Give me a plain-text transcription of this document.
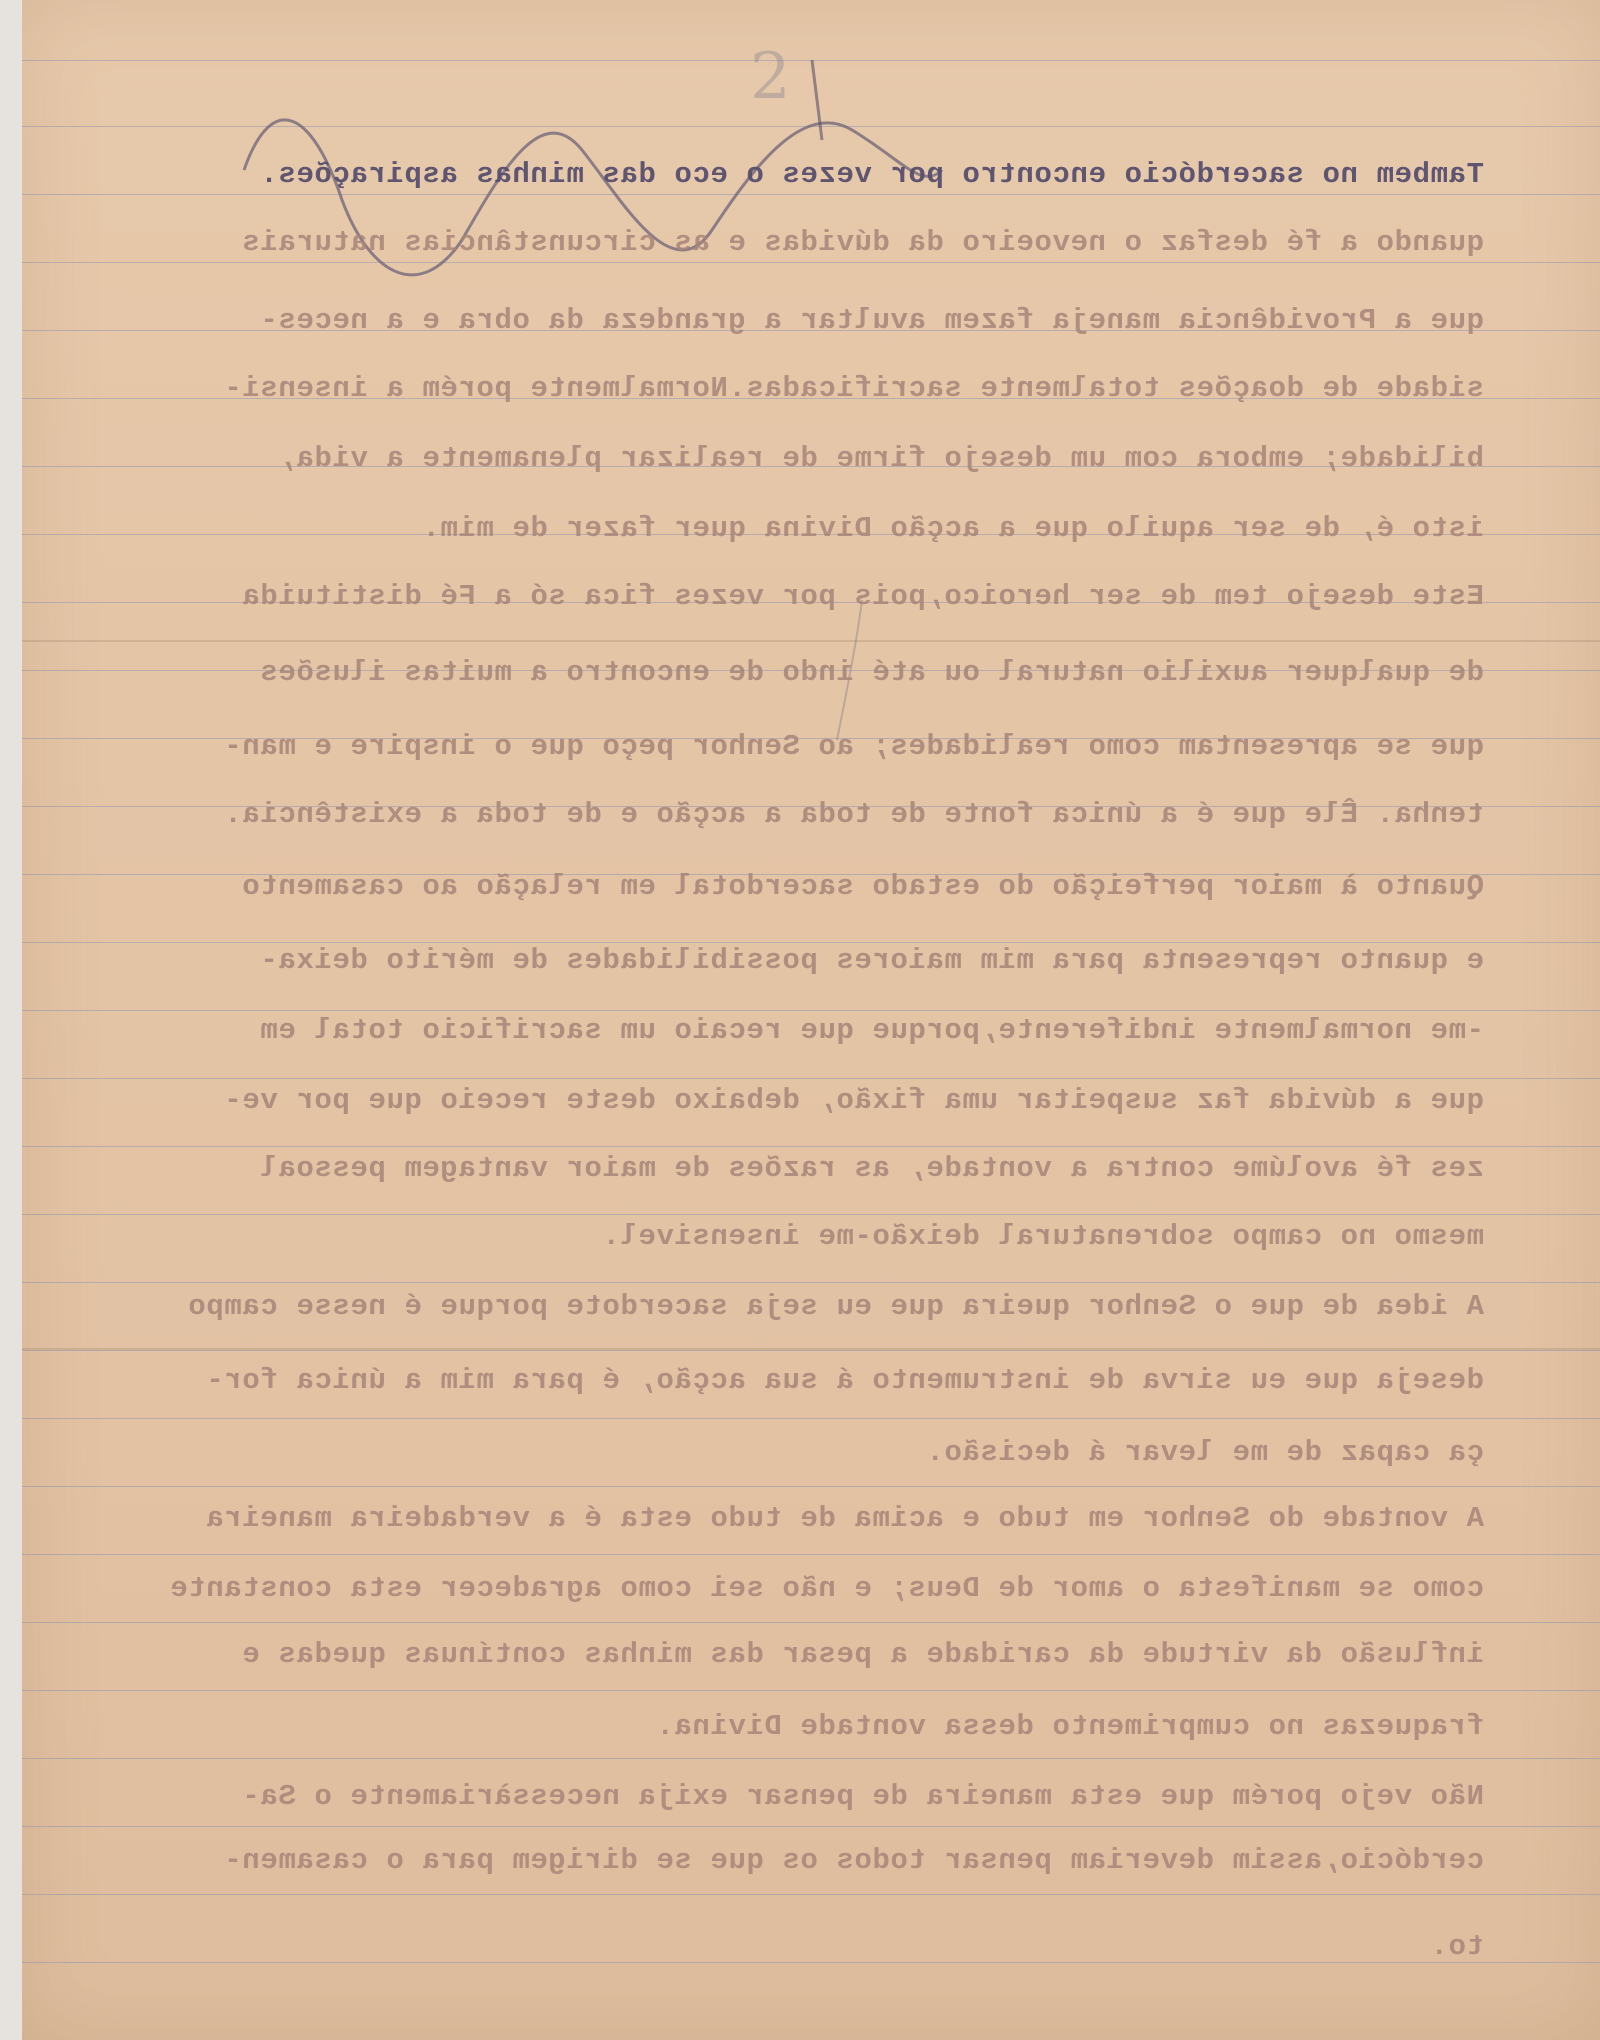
2
Tambem no sacerdócio encontro por vezes o eco das minhas aspirações.
quando a fé desfaz o nevoeiro da dúvidas e as circunstâncias naturais
que a Providência maneja fazem avultar a grandeza da obra e a neces-
sidade de doações totalmente sacrificadas.Normalmente porém a insensi-
bilidade; embora com um desejo firme de realizar plenamente a vida,
isto é, de ser aquilo que a acção Divina quer fazer de mim.
Este desejo tem de ser heroico,pois por vezes fica só a Fé distituida
de qualquer auxilio natural ou até indo de encontro a muitas ilusões
que se apresentam como realidades; ao Senhor peço que o inspire e man-
tenha. Êle que é a única fonte de toda a acção e de toda a existência.
Quanto à maior perfeição do estado sacerdotal em relação ao casamento
e quanto representa para mim maiores possibilidades de mérito deixa-
-me normalmente indiferente,porque que recaio um sacrificio total em
que a dúvida faz suspeitar uma fixão, debaixo deste receio que por ve-
zes fé avolúme contra a vontade, as razões de maior vantagem pessoal
mesmo no campo sobrenatural deixão-me insensivel.
A idea de que o Senhor queira que eu seja sacerdote porque é nesse campo
deseja que eu sirva de instrumento á sua acção, é para mim a única for-
ça capaz de me levar á decisão.
A vontade do Senhor em tudo e acima de tudo esta é a verdadeira maneira
como se manifesta o amor de Deus; e não sei como agradecer esta constante
influsão da virtude da caridade a pesar das minhas contínuas quedas e
fraquezas no cumprimento dessa vontade Divina.
Não vejo porém que esta maneira de pensar exija necessàriamente o Sa-
cerdócio,assim deveriam pensar todos os que se dirigem para o casamen-
to.
